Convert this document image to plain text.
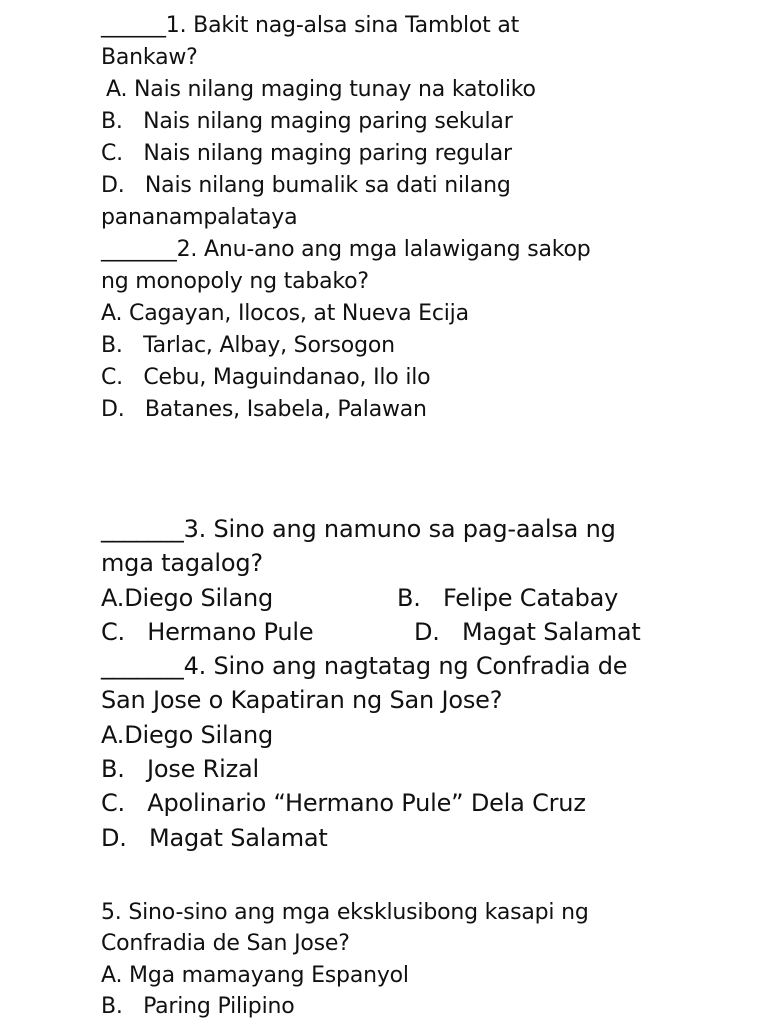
______1. Bakit nag-alsa sina Tamblot at
Bankaw?
A. Nais nilang maging tunay na katoliko
B.   Nais nilang maging paring sekular
C.   Nais nilang maging paring regular
D.   Nais nilang bumalik sa dati nilang
pananampalataya
_______2. Anu-ano ang mga lalawigang sakop
ng monopoly ng tabako?
A. Cagayan, Ilocos, at Nueva Ecija
B.   Tarlac, Albay, Sorsogon
C.   Cebu, Maguindanao, Ilo ilo
D.   Batanes, Isabela, Palawan
_______3. Sino ang namuno sa pag-aalsa ng
mga tagalog?

A.Diego Silang

	B.   Felipe Catabay

C.   Hermano Pule

	D.   Magat Salamat

_______4. Sino ang nagtatag ng Confradia de
San Jose o Kapatiran ng San Jose?
A.Diego Silang
B.   Jose Rizal
C.   Apolinario “Hermano Pule” Dela Cruz
D.   Magat Salamat
5. Sino-sino ang mga eksklusibong kasapi ng
Confradia de San Jose?
A. Mga mamayang Espanyol
B.   Paring Pilipino
